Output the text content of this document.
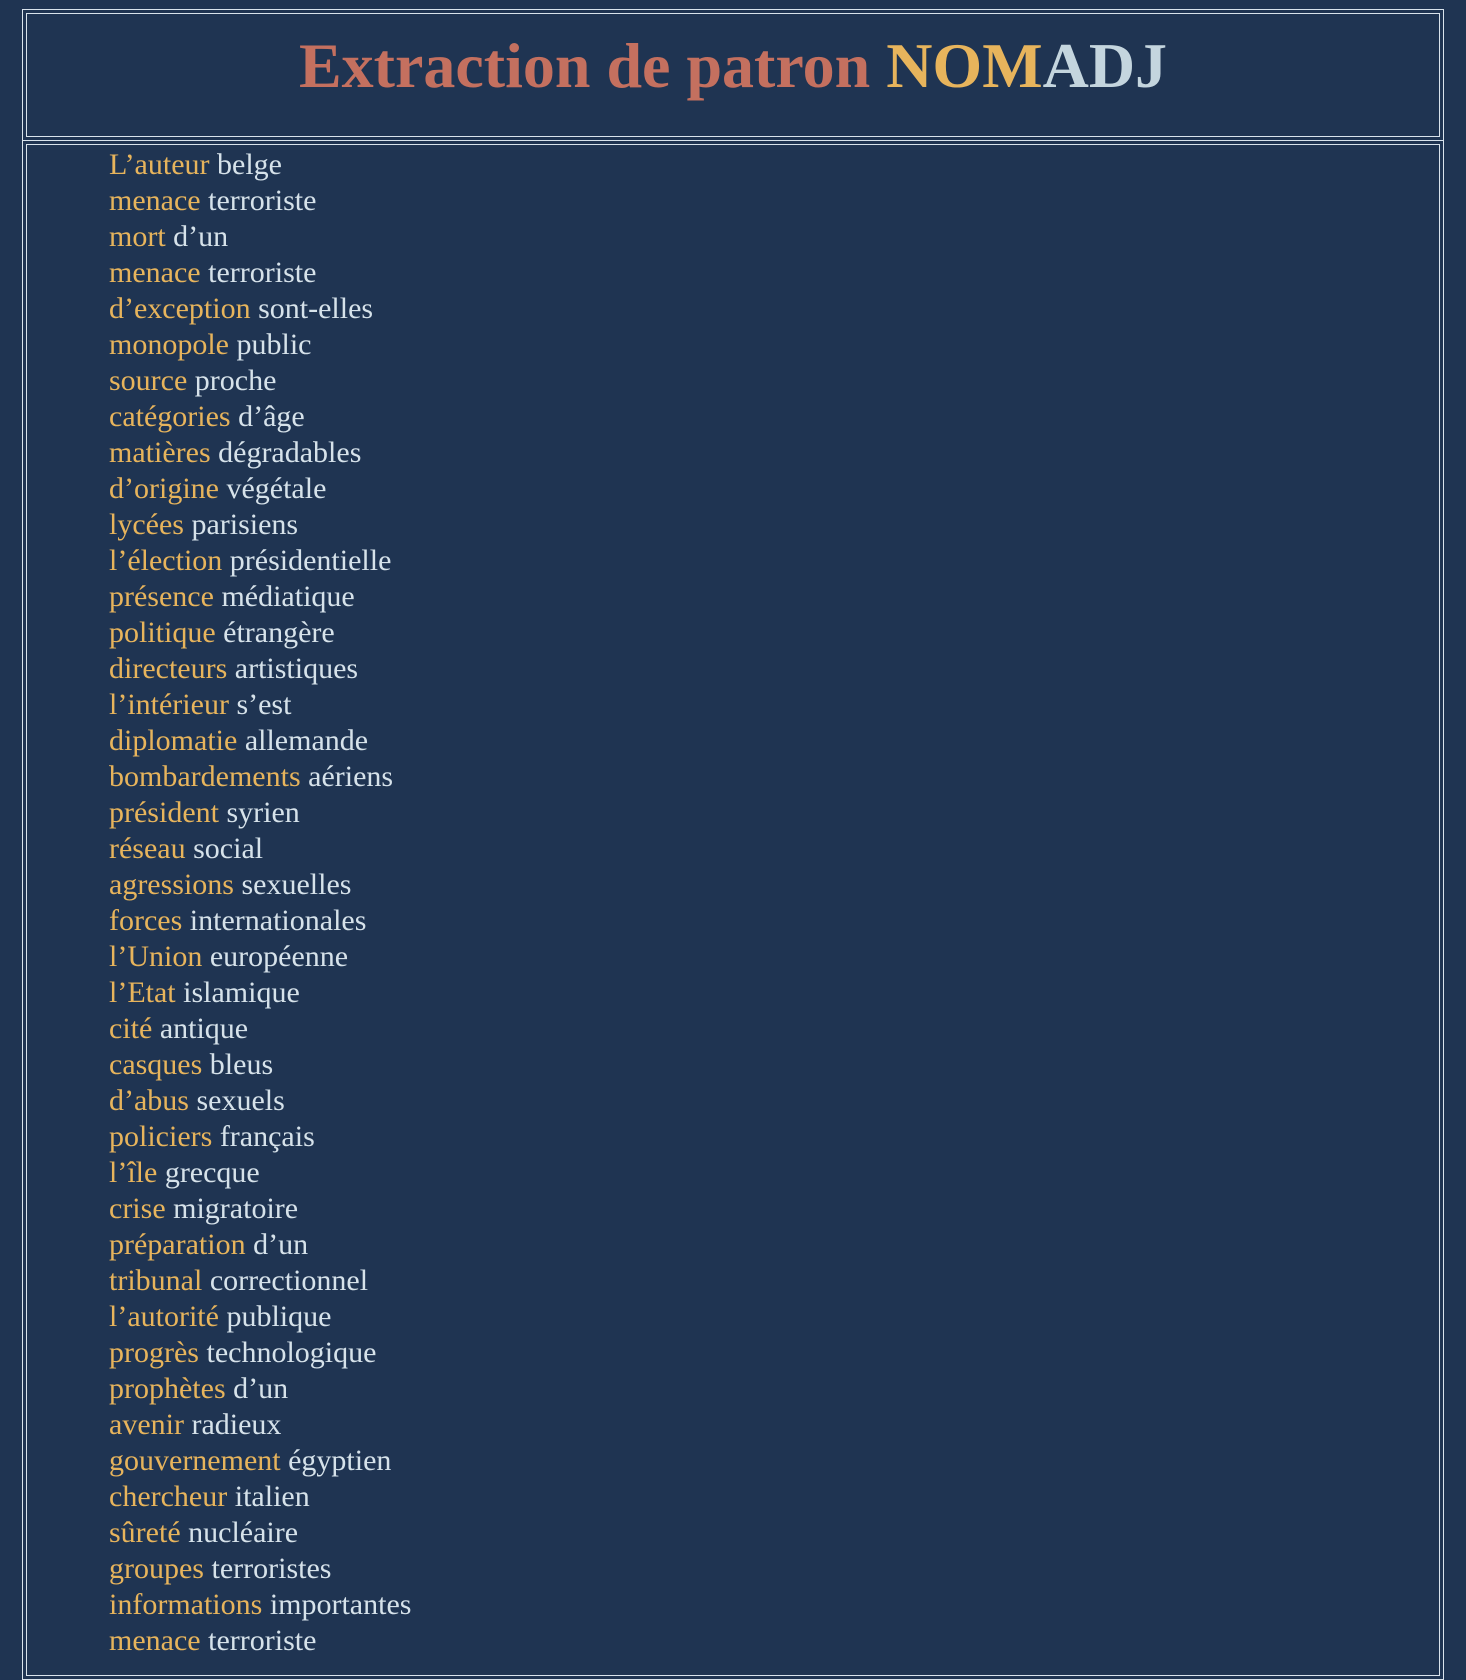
Extraction de patron NOMADJ
L’auteur belge
menace terroriste
mort d’un
menace terroriste
d’exception sont-elles
monopole public
source proche
catégories d’âge
matières dégradables
d’origine végétale
lycées parisiens
l’élection présidentielle
présence médiatique
politique étrangère
directeurs artistiques
l’intérieur s’est
diplomatie allemande
bombardements aériens
président syrien
réseau social
agressions sexuelles
forces internationales
l’Union européenne
l’Etat islamique
cité antique
casques bleus
d’abus sexuels
policiers français
l’île grecque
crise migratoire
préparation d’un
tribunal correctionnel
l’autorité publique
progrès technologique
prophètes d’un
avenir radieux
gouvernement égyptien
chercheur italien
sûreté nucléaire
groupes terroristes
informations importantes
menace terroriste
